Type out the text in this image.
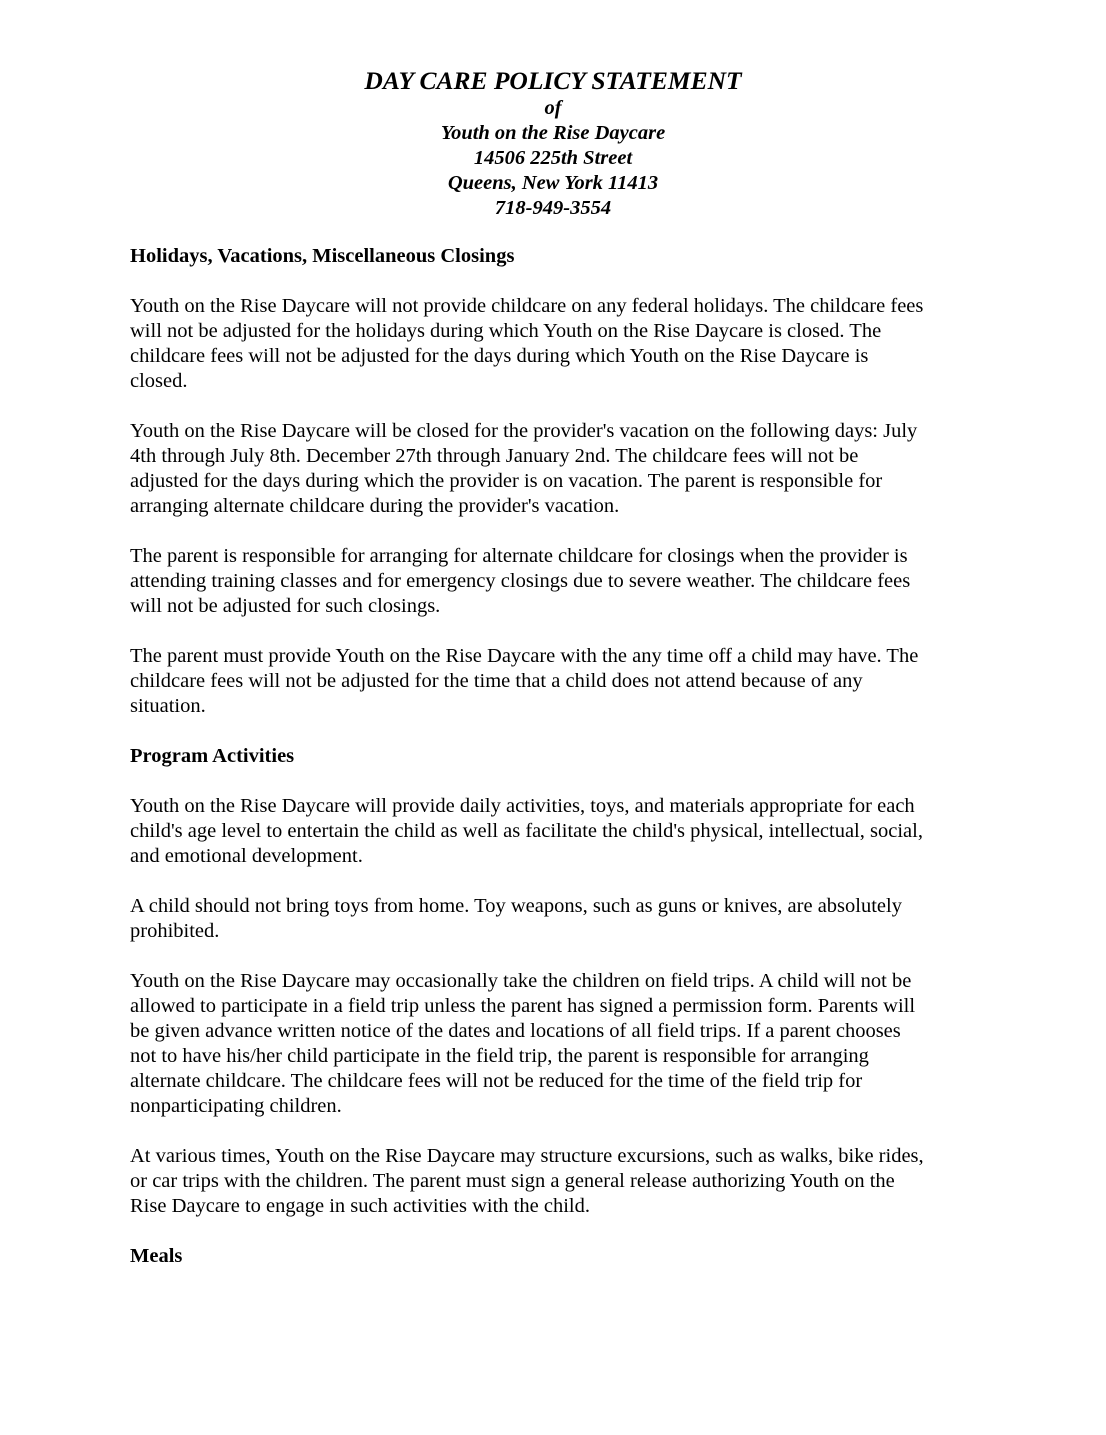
DAY CARE POLICY STATEMENT
of
Youth on the Rise Daycare
14506 225th Street
Queens, New York 11413
718-949-3554
Holidays, Vacations, Miscellaneous Closings
Youth on the Rise Daycare will not provide childcare on any federal holidays. The childcare fees
will not be adjusted for the holidays during which Youth on the Rise Daycare is closed. The
childcare fees will not be adjusted for the days during which Youth on the Rise Daycare is
closed.
Youth on the Rise Daycare will be closed for the provider's vacation on the following days: July
4th through July 8th. December 27th through January 2nd. The childcare fees will not be
adjusted for the days during which the provider is on vacation. The parent is responsible for
arranging alternate childcare during the provider's vacation.
The parent is responsible for arranging for alternate childcare for closings when the provider is
attending training classes and for emergency closings due to severe weather. The childcare fees
will not be adjusted for such closings.
The parent must provide Youth on the Rise Daycare with the any time off a child may have. The
childcare fees will not be adjusted for the time that a child does not attend because of any
situation.
Program Activities
Youth on the Rise Daycare will provide daily activities, toys, and materials appropriate for each
child's age level to entertain the child as well as facilitate the child's physical, intellectual, social,
and emotional development.
A child should not bring toys from home. Toy weapons, such as guns or knives, are absolutely
prohibited.
Youth on the Rise Daycare may occasionally take the children on field trips. A child will not be
allowed to participate in a field trip unless the parent has signed a permission form. Parents will
be given advance written notice of the dates and locations of all field trips. If a parent chooses
not to have his/her child participate in the field trip, the parent is responsible for arranging
alternate childcare. The childcare fees will not be reduced for the time of the field trip for
nonparticipating children.
At various times, Youth on the Rise Daycare may structure excursions, such as walks, bike rides,
or car trips with the children. The parent must sign a general release authorizing Youth on the
Rise Daycare to engage in such activities with the child.
Meals
